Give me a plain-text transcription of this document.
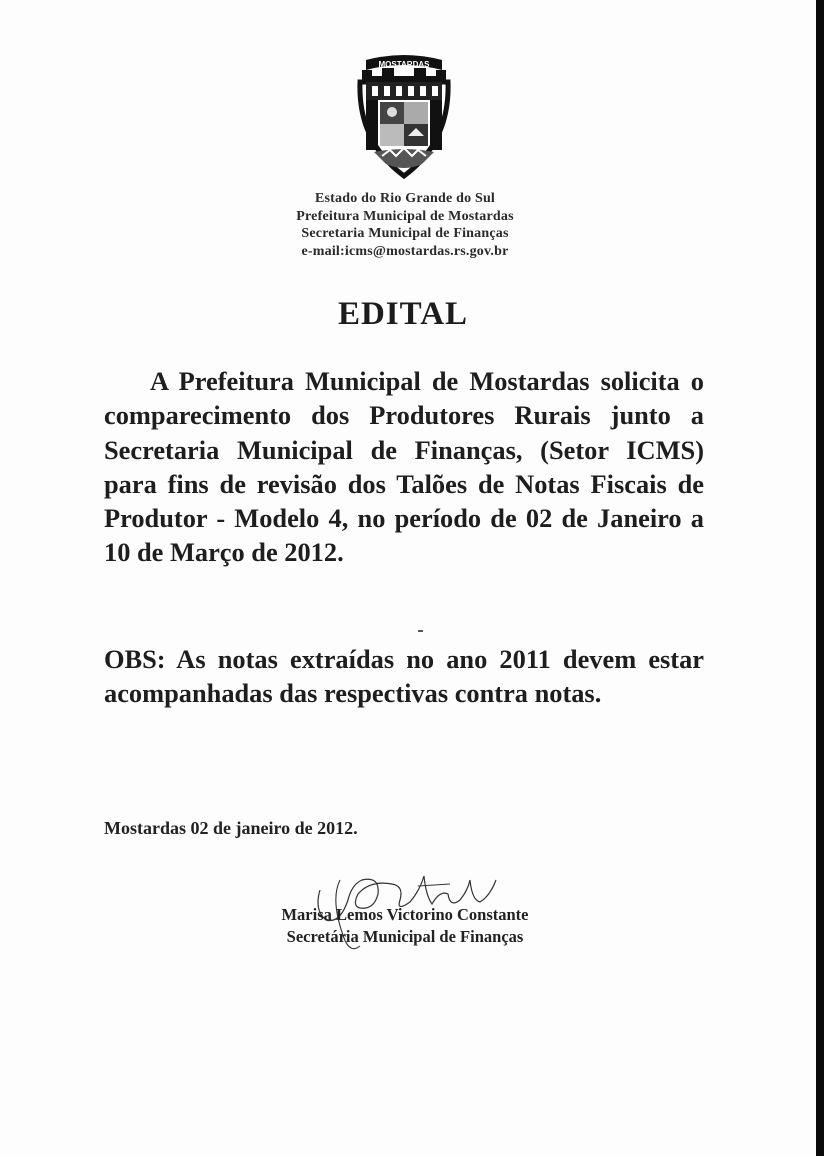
MOSTARDAS
Estado do Rio Grande do Sul
Prefeitura Municipal de Mostardas
Secretaria Municipal de Finanças
e-mail:icms@mostardas.rs.gov.br
EDITAL
A Prefeitura Municipal de Mostardas solicita o comparecimento dos Produtores Rurais junto a Secretaria Municipal de Finanças, (Setor ICMS) para fins de revisão dos Talões de Notas Fiscais de Produtor - Modelo 4, no período de 02 de Janeiro a 10 de Março de 2012.
OBS: As notas extraídas no ano 2011 devem estar acompanhadas das respectivas contra notas.
Mostardas 02 de janeiro de 2012.
Marisa Lemos Victorino Constante
Secretária Municipal de Finanças
